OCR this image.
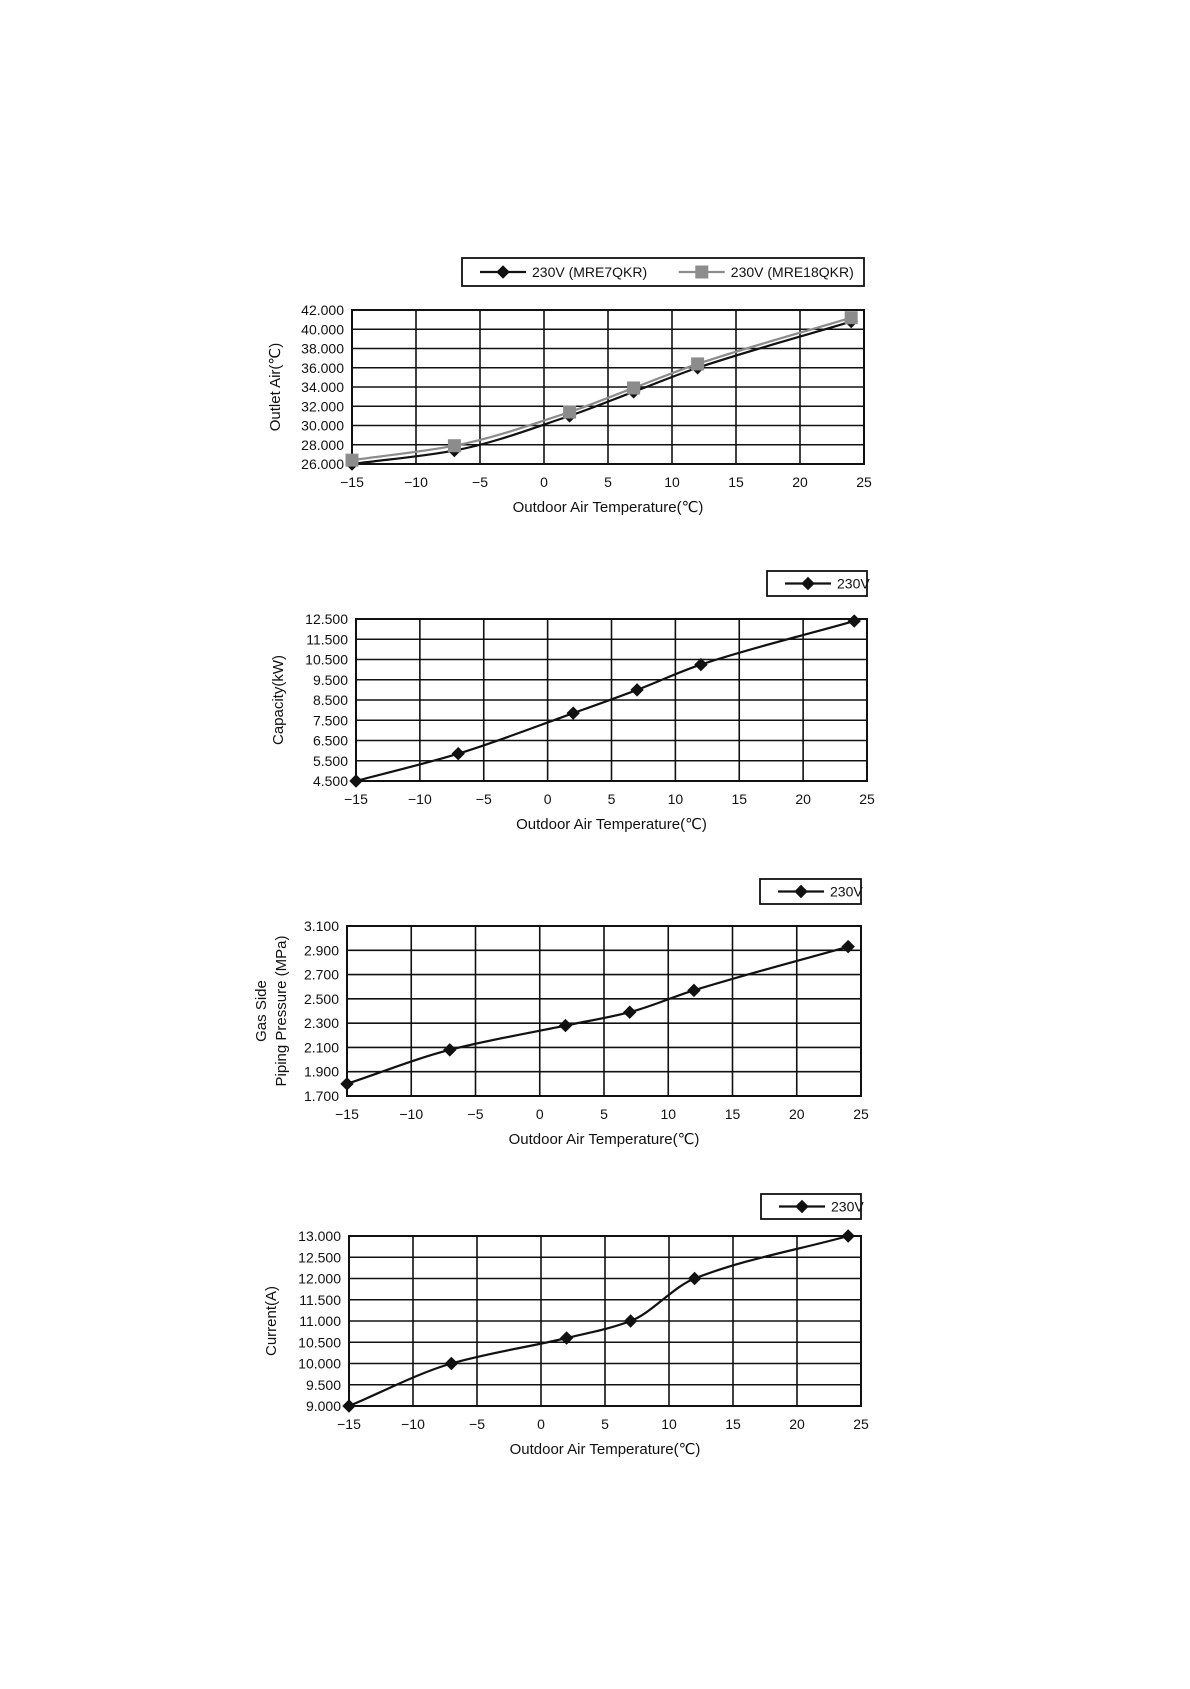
−15	−10	−5	0	5	10	15	20	25
26.000
28.000
30.000
32.000
34.000
36.000
38.000
40.000
42.000
Outdoor Air Temperature(℃)
Outlet Air(℃)
230V (MRE7QKR)	230V (MRE18QKR)
−15	−10	−5	0	5	10	15	20	25
4.500
5.500
6.500
7.500
8.500
9.500
10.500
11.500
12.500
Outdoor Air Temperature(℃)
Capacity(kW)
230V
−15	−10	−5	0	5	10	15	20	25
1.700
1.900
2.100
2.300
2.500
2.700
2.900
3.100
Outdoor Air Temperature(℃)
Gas Side Piping Pressure (MPa)
230V
−15	−10	−5	0	5	10	15	20	25
9.000
9.500
10.000
10.500
11.000
11.500
12.000
12.500
13.000
Outdoor Air Temperature(℃)
Current(A)
230V
